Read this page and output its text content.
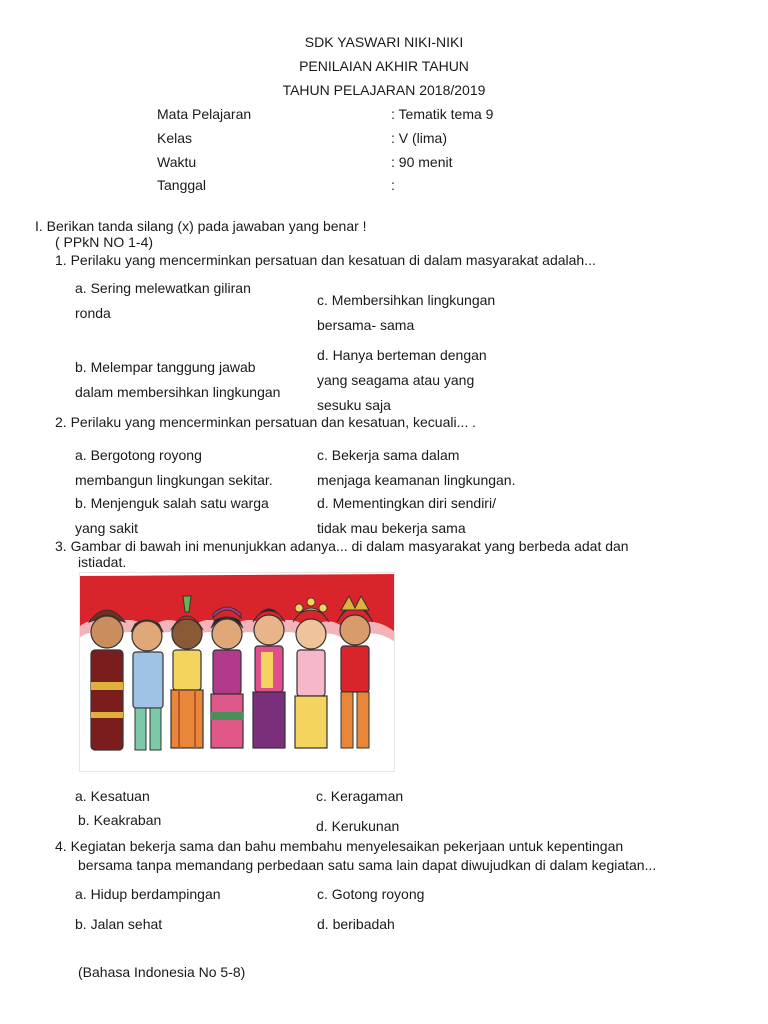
SDK YASWARI NIKI-NIKI
PENILAIAN AKHIR TAHUN
TAHUN PELAJARAN 2018/2019
Mata Pelajaran	: Tematik tema 9
Kelas	: V (lima)
Waktu	: 90 menit
Tanggal	:
I. Berikan tanda silang (x) pada jawaban yang benar !
( PPkN NO 1-4)
1. Perilaku yang mencerminkan persatuan dan kesatuan di dalam masyarakat adalah...
a. Sering melewatkan giliran
ronda
c. Membersihkan lingkungan
bersama- sama
b. Melempar tanggung jawab
dalam membersihkan lingkungan
d. Hanya berteman dengan
yang seagama atau yang
sesuku saja
2. Perilaku yang mencerminkan persatuan dan kesatuan, kecuali... .
a. Bergotong royong
membangun lingkungan sekitar.
c. Bekerja sama dalam
menjaga keamanan lingkungan.
b. Menjenguk salah satu warga
yang sakit
d. Mementingkan diri sendiri/
tidak mau bekerja sama
3. Gambar di bawah ini menunjukkan adanya... di dalam masyarakat yang berbeda adat dan
istiadat.
a. Kesatuan	c. Keragaman
b. Keakraban	d. Kerukunan
4. Kegiatan bekerja sama dan bahu membahu menyelesaikan pekerjaan untuk kepentingan
bersama tanpa memandang perbedaan satu sama lain dapat diwujudkan di dalam kegiatan...
a. Hidup berdampingan	c. Gotong royong
b. Jalan sehat	d. beribadah
(Bahasa Indonesia No 5-8)
